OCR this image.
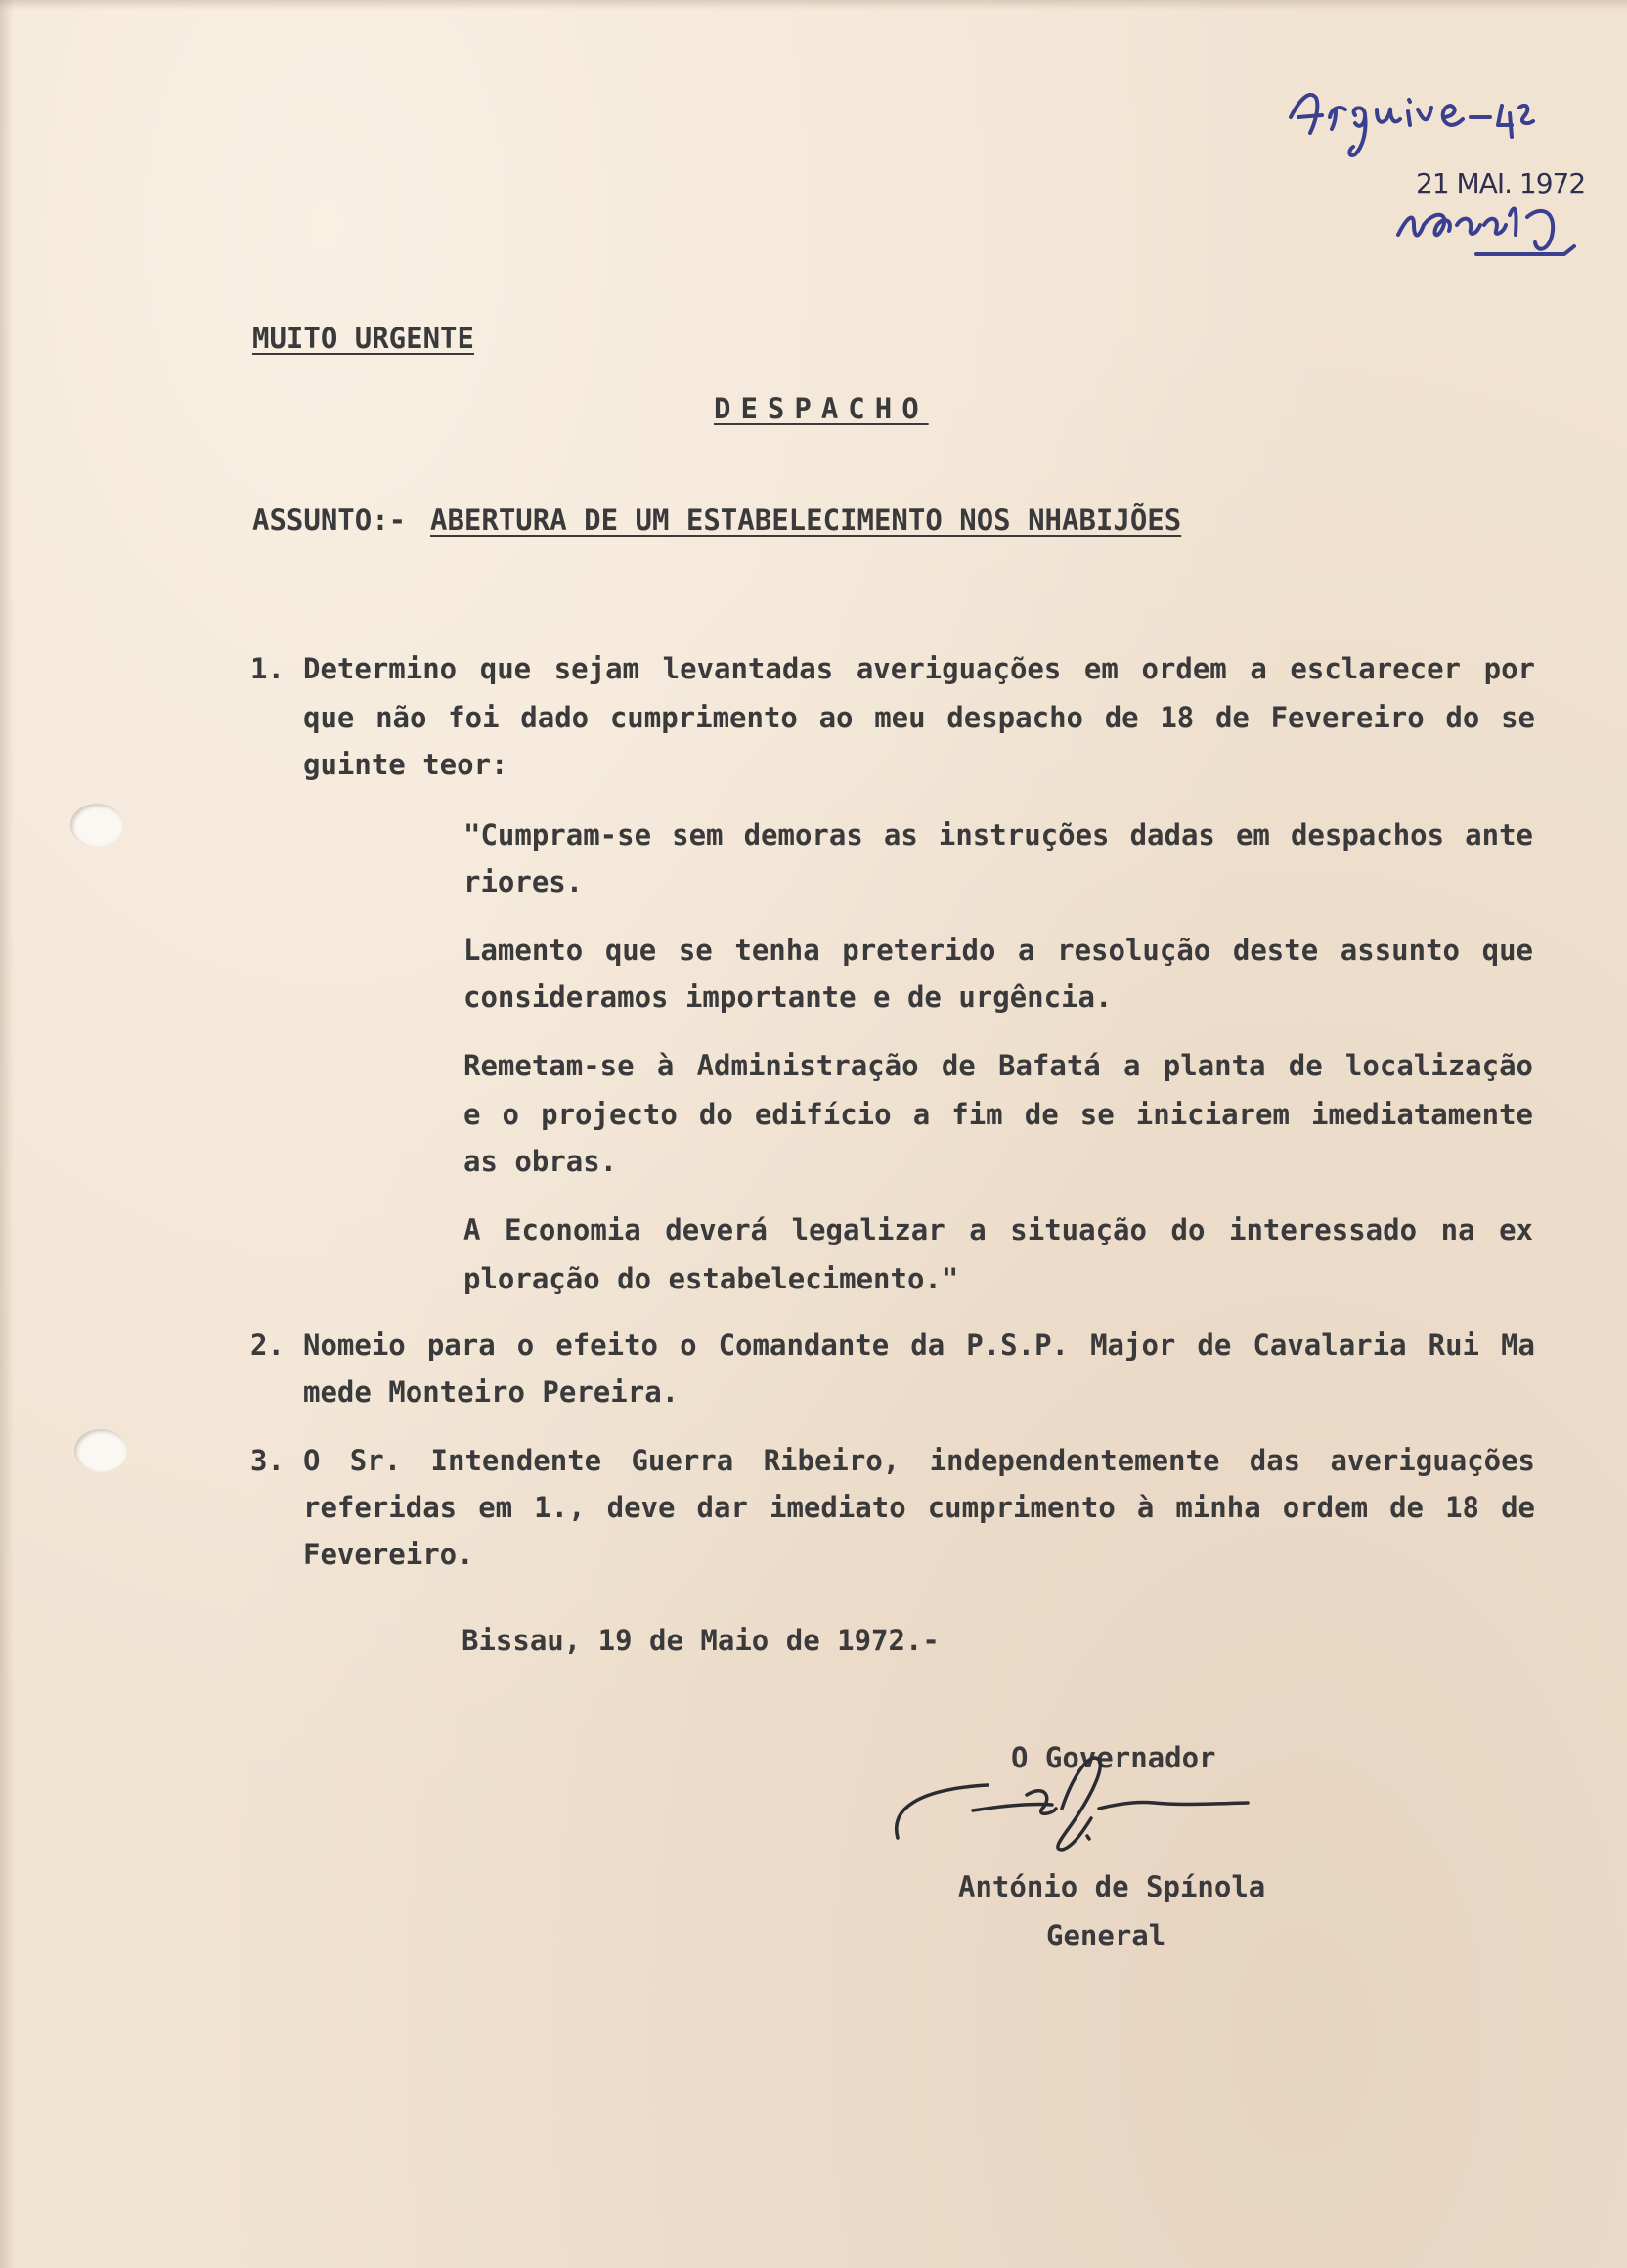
21 MAI. 1972
MUITO URGENTE
DESPACHO
ASSUNTO:- ABERTURA DE UM ESTABELECIMENTO NOS NHABIJÕES
1. Determino que sejam levantadas averiguações em ordem a esclarecer por
que não foi dado cumprimento ao meu despacho de 18 de Fevereiro do se
guinte teor:
"Cumpram-se sem demoras as instruções dadas em despachos ante
riores.
Lamento que se tenha preterido a resolução deste assunto que
consideramos importante e de urgência.
Remetam-se à Administração de Bafatá a planta de localização
e o projecto do edifício a fim de se iniciarem imediatamente
as obras.
A Economia deverá legalizar a situação do interessado na ex
ploração do estabelecimento."
2. Nomeio para o efeito o Comandante da P.S.P. Major de Cavalaria Rui Ma
mede Monteiro Pereira.
3. O Sr. Intendente Guerra Ribeiro, independentemente das averiguações
referidas em 1., deve dar imediato cumprimento à minha ordem de 18 de
Fevereiro.
Bissau, 19 de Maio de 1972.-
O Governador
António de Spínola
General
